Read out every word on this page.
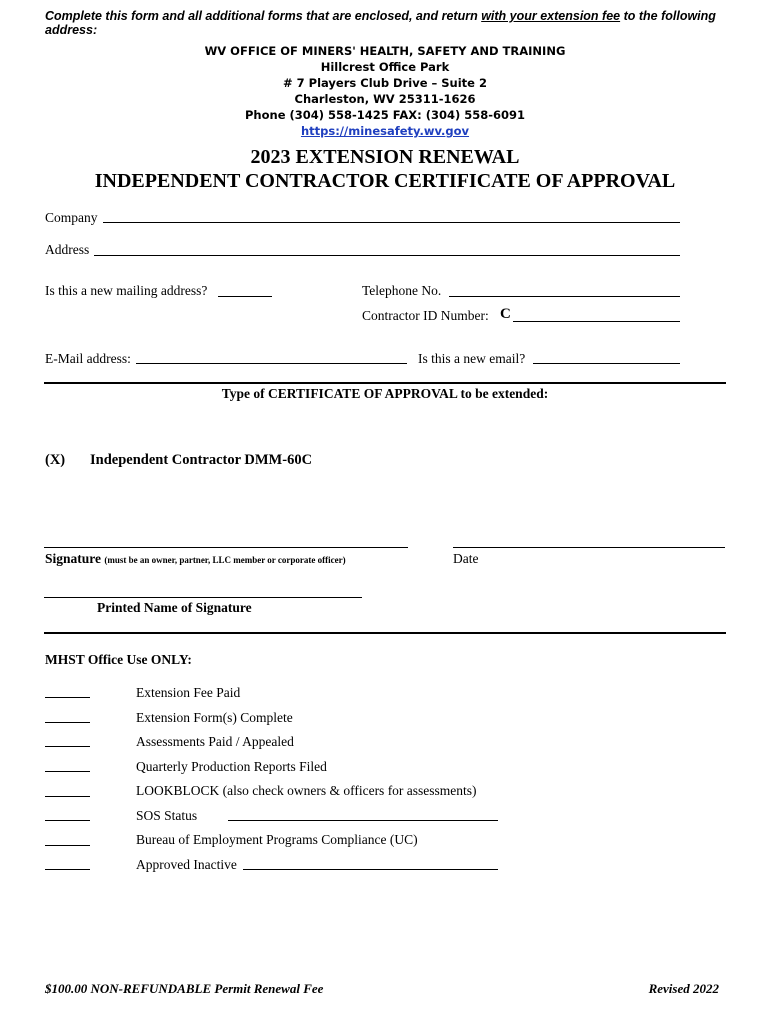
Complete this form and all additional forms that are enclosed, and return with your extension fee to the following address:
WV OFFICE OF MINERS' HEALTH, SAFETY AND TRAINING
Hillcrest Office Park
# 7 Players Club Drive – Suite 2
Charleston, WV 25311-1626
Phone (304) 558-1425 FAX: (304) 558-6091
https://minesafety.wv.gov
2023 EXTENSION RENEWAL
INDEPENDENT CONTRACTOR CERTIFICATE OF APPROVAL
Company
Address
Is this a new mailing address?	Telephone No.
Contractor ID Number: C
E-Mail address:	Is this a new email?
Type of CERTIFICATE OF APPROVAL to be extended:
(X) Independent Contractor DMM-60C
Signature (must be an owner, partner, LLC member or corporate officer)	Date
Printed Name of Signature
MHST Office Use ONLY:
Extension Fee Paid
Extension Form(s) Complete
Assessments Paid / Appealed
Quarterly Production Reports Filed
LOOKBLOCK (also check owners & officers for assessments)
SOS Status
Bureau of Employment Programs Compliance (UC)
Approved Inactive
$100.00 NON-REFUNDABLE Permit Renewal Fee	Revised 2022
